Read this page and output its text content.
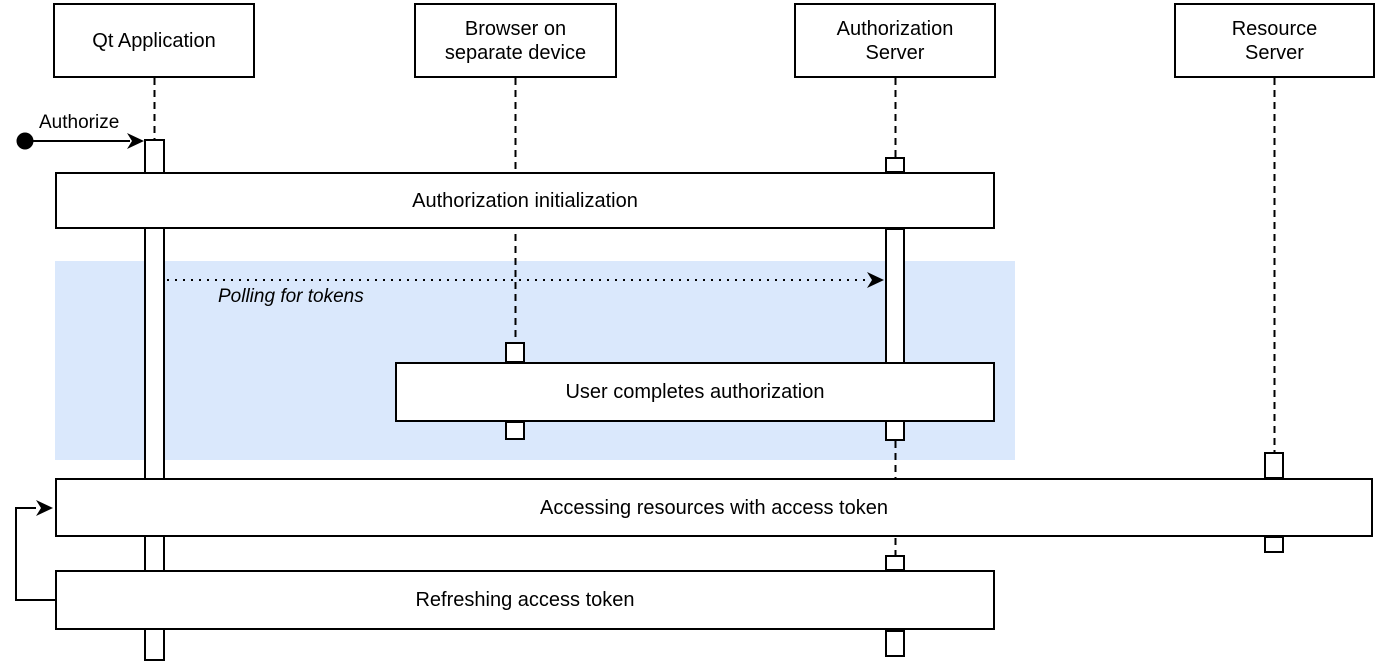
Authorization initialization
User completes authorization
Accessing resources with access token
Refreshing access token
Authorize
Polling for tokens
Qt Application
Browser on separate device
Authorization Server
Resource Server
